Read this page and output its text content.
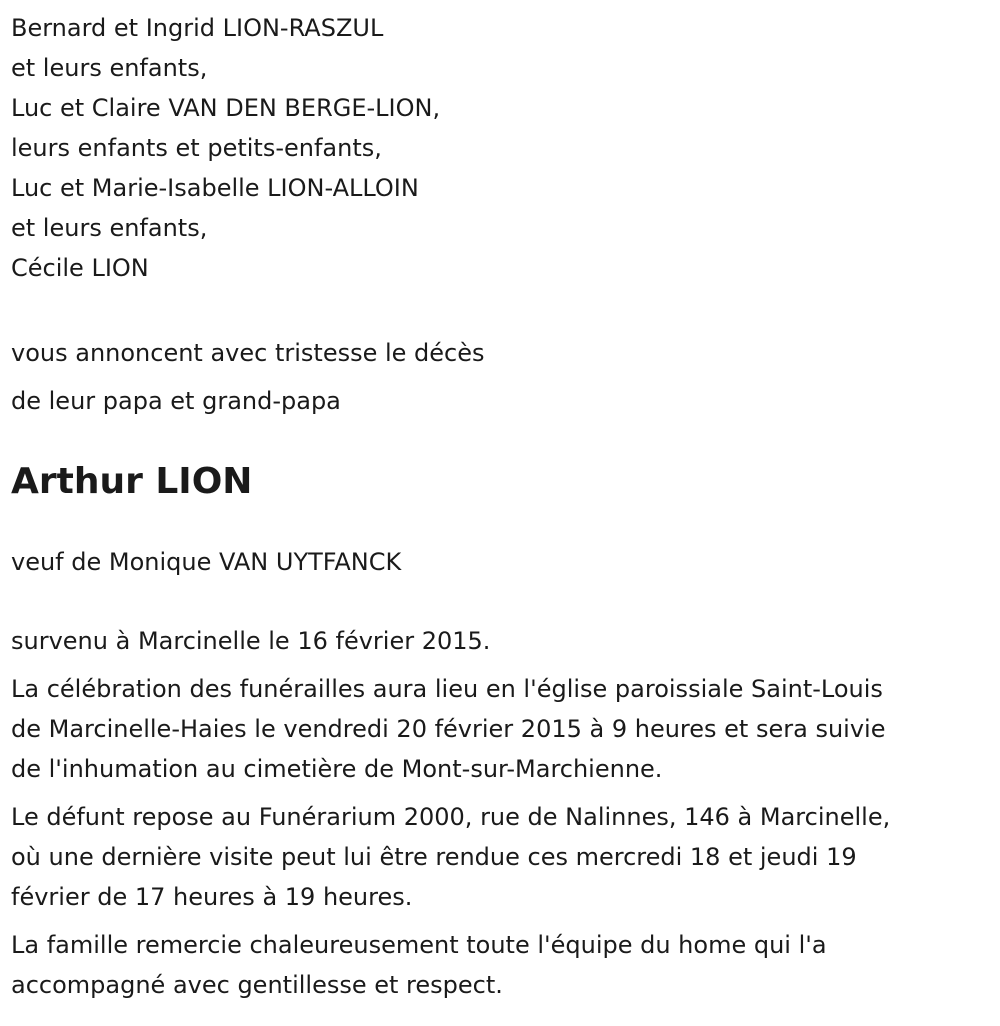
Bernard et Ingrid LION-RASZUL

et leurs enfants,

Luc et Claire VAN DEN BERGE-LION,

leurs enfants et petits-enfants,

Luc et Marie-Isabelle LION-ALLOIN

et leurs enfants,

Cécile LION

vous annoncent avec tristesse le décès

de leur papa et grand-papa

Arthur LION

veuf de Monique VAN UYTFANCK

survenu à Marcinelle le 16 février 2015.

La célébration des funérailles aura lieu en l'église paroissiale Saint-Louis

de Marcinelle-Haies le vendredi 20 février 2015 à 9 heures et sera suivie

de l'inhumation au cimetière de Mont-sur-Marchienne.

Le défunt repose au Funérarium 2000, rue de Nalinnes, 146 à Marcinelle,

où une dernière visite peut lui être rendue ces mercredi 18 et jeudi 19

février de 17 heures à 19 heures.

La famille remercie chaleureusement toute l'équipe du home qui l'a

accompagné avec gentillesse et respect.
